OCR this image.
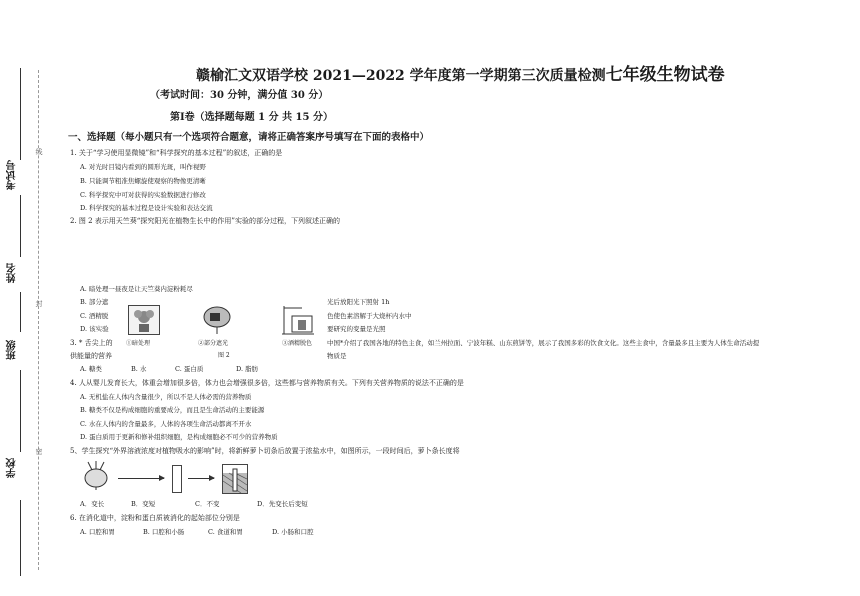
考试号
姓名
班级
学校
线
封
密
赣榆汇文双语学校 2021—2022 学年度第一学期第三次质量检测七年级生物试卷
（考试时间：30 分钟，满分值 30 分）
第Ⅰ卷（选择题每题 1 分 共 15 分）
一、选择题（每小题只有一个选项符合题意，请将正确答案序号填写在下面的表格中）
1. 关于“学习使用显微镜”和“科学探究的基本过程”的叙述，正确的是
A. 对光时目镜内看到的圆形光斑，叫作视野
B. 只能调节粗准焦螺旋使观察的物像更清晰
C. 科学探究中可对获得的实验数据进行修改
D. 科学探究的基本过程是设计实验和表达交流
2. 图 2 表示用天竺葵“探究阳光在植物生长中的作用”实验的部分过程，下列叙述正确的
A. 暗处理一昼夜是让天竺葵内淀粉耗尽
B. 部分遮
C. 酒精脱
D. 该实验
①暗处理	②部分遮光
图 2
③酒精脱色
光后放阳光下照射 1h
色使色素溶解于大烧杯内水中
要研究的变量是光照
3. * 舌尖上的
供能量的营养
中国*介绍了我国各地的特色主食，如兰州拉面、宁波年糕、山东煎饼等，展示了我国多彩的饮食文化。这些主食中，含量最多且主要为人体生命活动提
物质是
A. 糖类	B. 水	C. 蛋白质	D. 脂肪
4. 人从婴儿发育长大，体重会增加很多倍，体力也会增强很多倍，这些都与营养物质有关。下列有关营养物质的说法不正确的是
A. 无机盐在人体内含量很少，所以不是人体必需的营养物质
B. 糖类不仅是构成细胞的重要成分，而且是生命活动的主要能源
C. 水在人体内的含量最多，人体的各项生命活动都离不开水
D. 蛋白质用于更新和修补组织细胞，是构成细胞必不可少的营养物质
5、学生探究“外界溶液浓度对植物吸水的影响”时，将新鲜萝卜切条后放置于浓盐水中，如图所示，一段时间后，萝卜条长度将
A．变长	B．变短	C．不变	D．先变长后变短
6. 在消化道中，淀粉和蛋白质被消化的起始部位分别是
A. 口腔和胃	B. 口腔和小肠	C. 食道和胃	D. 小肠和口腔
